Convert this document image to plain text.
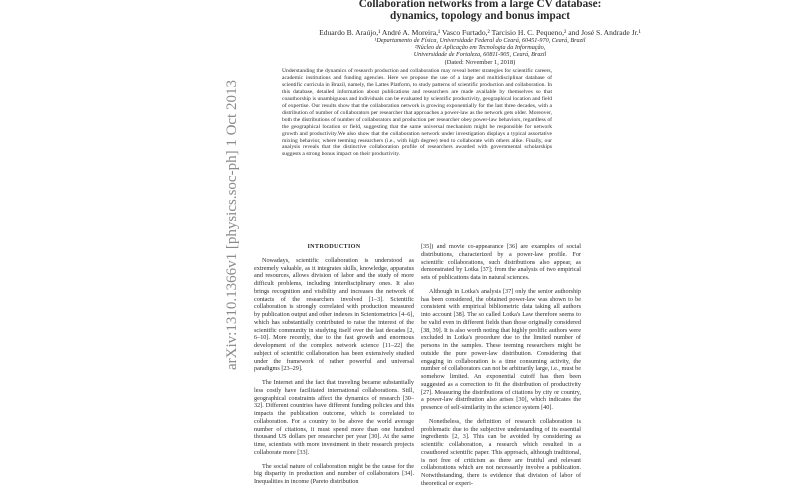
arXiv:1310.1366v1 [physics.soc-ph] 1 Oct 2013
Collaboration networks from a large CV database:
dynamics, topology and bonus impact
Eduardo B. Araújo,¹ André A. Moreira,¹ Vasco Furtado,² Tarcisio H. C. Pequeno,² and José S. Andrade Jr.¹
¹Departamento de Física, Universidade Federal do Ceará, 60451-970, Ceará, Brazil
²Núcleo de Aplicação em Tecnologia da Informação,
Universidade de Fortaleza, 60811-905, Ceará, Brazil
(Dated: November 1, 2018)

Understanding the dynamics of research production and collaboration may reveal better strategies for scientific careers, academic institutions and funding agencies. Here we propose the use of a large and multidisciplinar database of scientific curricula in Brazil, namely, the Lattes Platform, to study patterns of scientific production and collaboration. In this database, detailed information about publications and researchers are made available by themselves so that coauthorship is unambiguous and individuals can be evaluated by scientific productivity, geographical location and field of expertise. Our results show that the collaboration network is growing exponentially for the last three decades, with a distribution of number of collaborators per researcher that approaches a power-law as the network gets older. Moreover, both the distributions of number of collaborators and production per researcher obey power-law behaviors, regardless of the geographical location or field, suggesting that the same universal mechanism might be responsible for network growth and productivity.We also show that the collaboration network under investigation displays a typical assortative mixing behavior, where teeming researchers (i.e., with high degree) tend to collaborate with others alike. Finally, our analysis reveals that the distinctive collaboration profile of researchers awarded with governmental scholarships suggests a strong bonus impact on their productivity.

INTRODUCTION

Nowadays, scientific collaboration is understood as extremely valuable, as it integrates skills, knowledge, apparatus and resources, allows division of labor and the study of more difficult problems, including interdisciplinary ones. It also brings recognition and visibility and increases the network of contacts of the researchers involved [1–3]. Scientific collaboration is strongly correlated with production measured by publication output and other indexes in Scientometrics [4–6], which has substantially contributed to raise the interest of the scientific community in studying itself over the last decades [2, 6–10]. More recently, due to the fast growth and enormous development of the complex network science [11–22] the subject of scientific collaboration has been extensively studied under the framework of rather powerful and universal paradigms [23–29].

The Internet and the fact that traveling became substantially less costly have facilitated international collaborations. Still, geographical constraints affect the dynamics of research [30–32]. Different countries have different funding policies and this impacts the publication outcome, which is correlated to collaboration. For a country to be above the world average number of citations, it must spend more than one hundred thousand US dollars per researcher per year [30]. At the same time, scientists with more investment in their research projects collaborate more [33].

The social nature of collaboration might be the cause for the big disparity in production and number of collaborators [34]. Inequalities in income (Pareto distribution

[35]) and movie co-appearance [36] are examples of social distributions, characterized by a power-law profile. For scientific collaborations, such distributions also appear, as demonstrated by Lotka [37]; from the analysis of two empirical sets of publications data in natural sciences.

Although in Lotka's analysis [37] only the senior authorship has been considered, the obtained power-law was shown to be consistent with empirical bibliometric data taking all authors into account [38]. The so called Lotka's Law therefore seems to be valid even in different fields than those originally considered [38, 39]. It is also worth noting that highly prolific authors were excluded in Lotka's procedure due to the limited number of persons in the samples. These teeming researchers might be outside the pure power-law distribution. Considering that engaging in collaboration is a time consuming activity, the number of collaborators can not be arbitrarily large, i.e., must be somehow limited. An exponential cutoff has then been suggested as a correction to fit the distribution of productivity [27]. Measuring the distributions of citations by city or country, a power-law distribution also arises [30], which indicates the presence of self-similarity in the science system [40].

Nonetheless, the definition of research collaboration is problematic due to the subjective understanding of its essential ingredients [2, 3]. This can be avoided by considering as scientific collaboration, a research which resulted in a coauthored scientific paper. This approach, although traditional, is not free of criticism as there are fruitful and relevant collaborations which are not necessarily involve a publication. Notwithstanding, there is evidence that division of labor of theoretical or experi-
